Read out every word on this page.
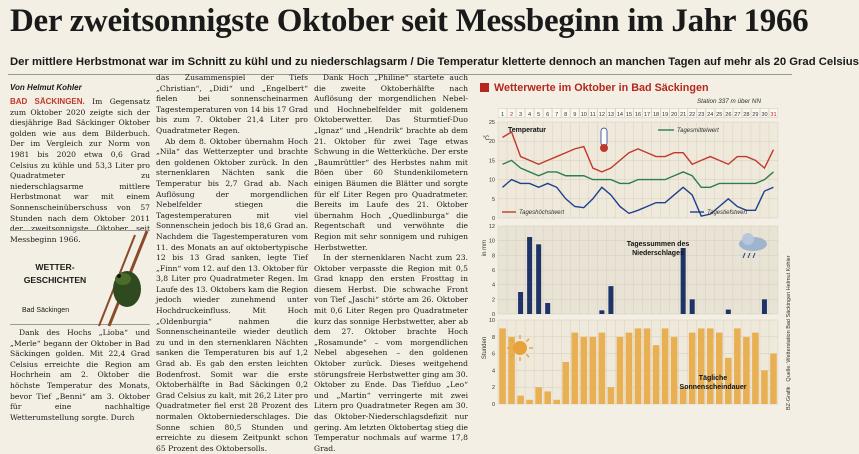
Der zweitsonnigste Oktober seit Messbeginn im Jahr 1966
Der mittlere Herbstmonat war im Schnitt zu kühl und zu niederschlagsarm / Die Temperatur kletterte dennoch an manchen Tagen auf mehr als 20 Grad Celsius
Von Helmut Kohler

BAD SÄCKINGEN. Im Gegensatz zum Oktober 2020 zeigte sich der diesjährige Bad Säckinger Oktober golden wie aus dem Bilderbuch. Der im Vergleich zur Norm von 1981 bis 2020 etwa 0,6 Grad Celsius zu kühle und 53,3 Liter pro Quadratmeter zu niederschlagsarme mittlere Herbstmonat war mit einem Sonnenscheinüberschuss von 57 Stunden nach dem Oktober 2011 der zweitsonnigste Oktober seit Messbeginn 1966.

WETTER-GESCHICHTEN
Bad Säckingen

Dank des Hochs „Lioba“ und „Merle“ begann der Oktober in Bad Säckingen golden. Mit 22,4 Grad Celsius erreichte die Region am Hochrhein am 2. Oktober die höchste Temperatur des Monats, bevor Tief „Benni“ am 3. Oktober für eine nachhaltige Wetterumstellung sorgte. Durch

das Zusammenspiel der Tiefs „Christian“, „Didi“ und „Engelbert“ fielen bei sonnenscheinarmen Tagestemperaturen von 14 bis 17 Grad bis zum 7. Oktober 21,4 Liter pro Quadratmeter Regen.

Ab dem 8. Oktober übernahm Hoch „Nila“ das Wetterzepter und brachte den goldenen Oktober zurück. In den sternenklaren Nächten sank die Temperatur bis 2,7 Grad ab. Nach Auflösung der morgendlichen Nebelfelder stiegen die Tagestemperaturen mit viel Sonnenschein jedoch bis 18,6 Grad an. Nachdem die Tagestemperaturen vom 11. des Monats an auf oktobertypische 12 bis 13 Grad sanken, legte Tief „Finn“ vom 12. auf den 13. Oktober für 3,8 Liter pro Quadratmeter Regen. Im Laufe des 13. Oktobers kam die Region jedoch wieder zunehmend unter Hochdruckeinfluss. Mit Hoch „Oldenburgia“ nahmen die Sonnenscheinanteile wieder deutlich zu und in den sternenklaren Nächten sanken die Temperaturen bis auf 1,2 Grad ab. Es gab den ersten leichten Bodenfrost. Somit war die erste Oktoberhälfte in Bad Säckingen 0,2 Grad Celsius zu kalt, mit 26,2 Liter pro Quadratmeter fiel erst 28 Prozent des normalen Oktoberniederschlages. Die Sonne schien 80,5 Stunden und erreichte zu diesem Zeitpunkt schon 65 Prozent des Oktobersolls.

Dank Hoch „Philine“ startete auch die zweite Oktoberhälfte nach Auflösung der morgendlichen Nebel- und Hochnebelfelder mit goldenem Oktoberwetter. Das Sturmtief-Duo „Ignaz“ und „Hendrik“ brachte ab dem 21. Oktober für zwei Tage etwas Schwung in die Wetterküche. Der erste „Baumrüttler“ des Herbstes nahm mit Böen über 60 Stundenkilometern einigen Bäumen die Blätter und sorgte für elf Liter Regen pro Quadratmeter. Bereits im Laufe des 21. Oktober übernahm Hoch „Quedlinburga“ die Regentschaft und verwöhnte die Region mit sehr sonnigem und ruhigen Herbstwetter.

In der sternenklaren Nacht zum 23. Oktober verpasste die Region mit 0,5 Grad knapp den ersten Frosttag in diesem Herbst. Die schwache Front von Tief „Jaschi“ störte am 26. Oktober mit 0,6 Liter Regen pro Quadratmeter kurz das sonnige Herbstwetter, aber ab dem 27. Oktober brachte Hoch „Rosamunde“ – vom morgendlichen Nebel abgesehen – den goldenen Oktober zurück. Dieses weitgehend störungsfreie Herbstwetter ging am 30. Oktober zu Ende. Das Tiefduo „Leo“ und „Martin“ verringerte mit zwei Litern pro Quadratmeter Regen am 30. das Oktober-Niederschlagsdefizit nur gering. Am letzten Oktobertag stieg die Temperatur nochmals auf warme 17,8 Grad.

Wetterwerte im Oktober in Bad Säckingen
Station 337 m über NN
1 2 3 4 5 6 7 8 9 10 11 12 13 14 15 16 17 18 19 20 21 22 23 24 25 26 27 28 29 30 31
0
5
10
15
20
25
°C
Temperatur	Tagesmittelwert
Tageshöchstwert	Tagestiefstwert
0
2
4
6
8
10
12
in mm	Tagessummen des Niederschlages
0
2
4
6
8
10
Stunden
Tägliche Sonnenscheindauer	BZ-Grafik · Quelle: Wetterstation Bad Säckingen Helmut Kohler
